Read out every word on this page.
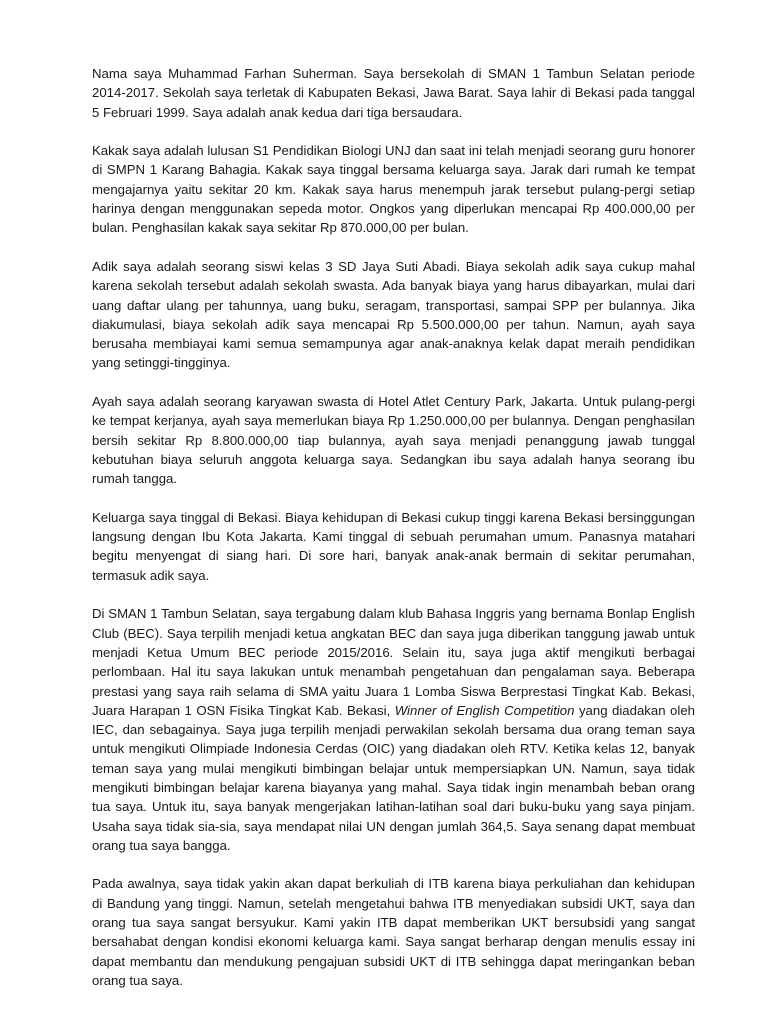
Nama saya Muhammad Farhan Suherman. Saya bersekolah di SMAN 1 Tambun Selatan periode 2014-2017. Sekolah saya terletak di Kabupaten Bekasi, Jawa Barat. Saya lahir di Bekasi pada tanggal 5 Februari 1999. Saya adalah anak kedua dari tiga bersaudara.

Kakak saya adalah lulusan S1 Pendidikan Biologi UNJ dan saat ini telah menjadi seorang guru honorer di SMPN 1 Karang Bahagia. Kakak saya tinggal bersama keluarga saya. Jarak dari rumah ke tempat mengajarnya yaitu sekitar 20 km. Kakak saya harus menempuh jarak tersebut pulang-pergi setiap harinya dengan menggunakan sepeda motor. Ongkos yang diperlukan mencapai Rp 400.000,00 per bulan. Penghasilan kakak saya sekitar Rp 870.000,00 per bulan.

Adik saya adalah seorang siswi kelas 3 SD Jaya Suti Abadi. Biaya sekolah adik saya cukup mahal karena sekolah tersebut adalah sekolah swasta. Ada banyak biaya yang harus dibayarkan, mulai dari uang daftar ulang per tahunnya, uang buku, seragam, transportasi, sampai SPP per bulannya. Jika diakumulasi, biaya sekolah adik saya mencapai Rp 5.500.000,00 per tahun. Namun, ayah saya berusaha membiayai kami semua semampunya agar anak-anaknya kelak dapat meraih pendidikan yang setinggi-tingginya.

Ayah saya adalah seorang karyawan swasta di Hotel Atlet Century Park, Jakarta. Untuk pulang-pergi ke tempat kerjanya, ayah saya memerlukan biaya Rp 1.250.000,00 per bulannya. Dengan penghasilan bersih sekitar Rp 8.800.000,00 tiap bulannya, ayah saya menjadi penanggung jawab tunggal kebutuhan biaya seluruh anggota keluarga saya. Sedangkan ibu saya adalah hanya seorang ibu rumah tangga.

Keluarga saya tinggal di Bekasi. Biaya kehidupan di Bekasi cukup tinggi karena Bekasi bersinggungan langsung dengan Ibu Kota Jakarta. Kami tinggal di sebuah perumahan umum. Panasnya matahari begitu menyengat di siang hari. Di sore hari, banyak anak-anak bermain di sekitar perumahan, termasuk adik saya.

Di SMAN 1 Tambun Selatan, saya tergabung dalam klub Bahasa Inggris yang bernama Bonlap English Club (BEC). Saya terpilih menjadi ketua angkatan BEC dan saya juga diberikan tanggung jawab untuk menjadi Ketua Umum BEC periode 2015/2016. Selain itu, saya juga aktif mengikuti berbagai perlombaan. Hal itu saya lakukan untuk menambah pengetahuan dan pengalaman saya. Beberapa prestasi yang saya raih selama di SMA yaitu Juara 1 Lomba Siswa Berprestasi Tingkat Kab. Bekasi, Juara Harapan 1 OSN Fisika Tingkat Kab. Bekasi, Winner of English Competition yang diadakan oleh IEC, dan sebagainya. Saya juga terpilih menjadi perwakilan sekolah bersama dua orang teman saya untuk mengikuti Olimpiade Indonesia Cerdas (OIC) yang diadakan oleh RTV. Ketika kelas 12, banyak teman saya yang mulai mengikuti bimbingan belajar untuk mempersiapkan UN. Namun, saya tidak mengikuti bimbingan belajar karena biayanya yang mahal. Saya tidak ingin menambah beban orang tua saya. Untuk itu, saya banyak mengerjakan latihan-latihan soal dari buku-buku yang saya pinjam. Usaha saya tidak sia-sia, saya mendapat nilai UN dengan jumlah 364,5. Saya senang dapat membuat orang tua saya bangga.

Pada awalnya, saya tidak yakin akan dapat berkuliah di ITB karena biaya perkuliahan dan kehidupan di Bandung yang tinggi. Namun, setelah mengetahui bahwa ITB menyediakan subsidi UKT, saya dan orang tua saya sangat bersyukur. Kami yakin ITB dapat memberikan UKT bersubsidi yang sangat bersahabat dengan kondisi ekonomi keluarga kami. Saya sangat berharap dengan menulis essay ini dapat membantu dan mendukung pengajuan subsidi UKT di ITB sehingga dapat meringankan beban orang tua saya.
